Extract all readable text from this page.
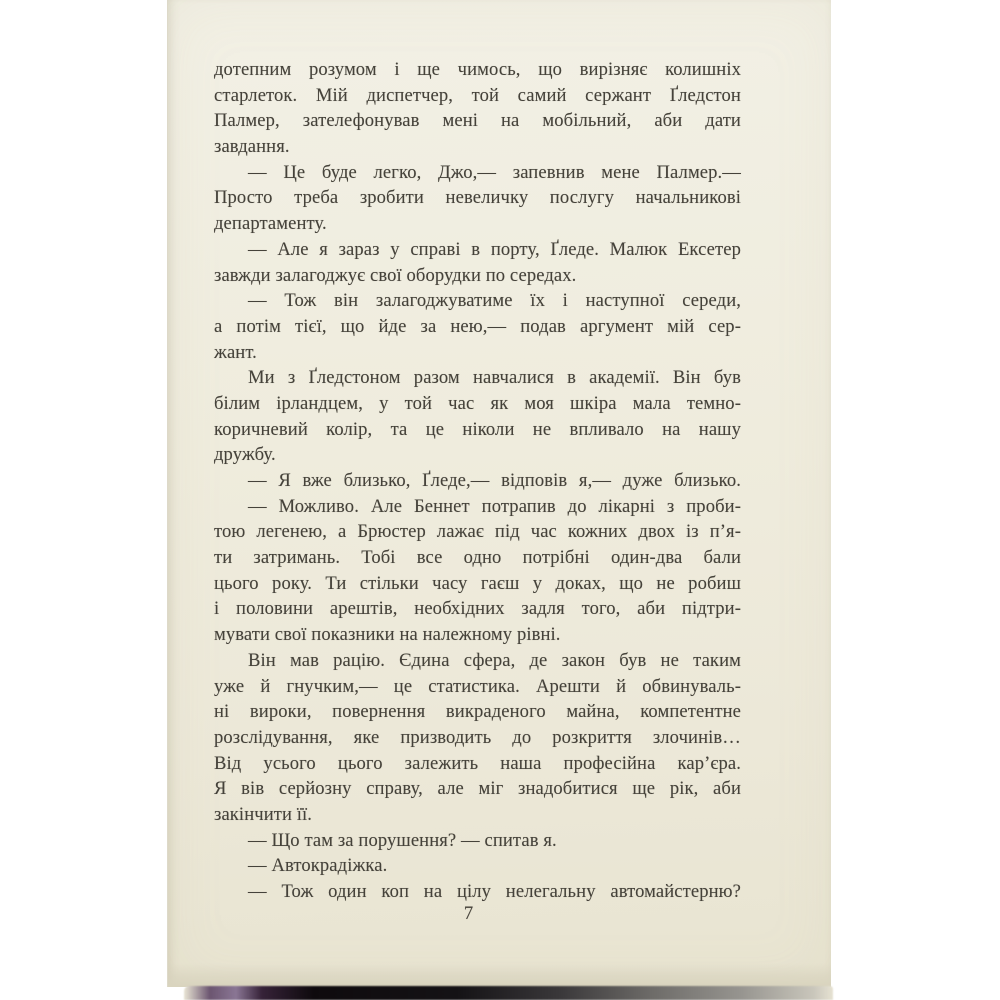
дотепним розумом і ще чимось, що вирізняє колишніх
старлеток. Мій диспетчер, той самий сержант Ґледстон
Палмер, зателефонував мені на мобільний, аби дати
завдання.
— Це буде легко, Джо,— запевнив мене Палмер.—
Просто треба зробити невеличку послугу начальникові
департаменту.
— Але я зараз у справі в порту, Ґледе. Малюк Ексетер
завжди залагоджує свої оборудки по середах.
— Тож він залагоджуватиме їх і наступної середи,
а потім тієї, що йде за нею,— подав аргумент мій сер-
жант.
Ми з Ґледстоном разом навчалися в академії. Він був
білим ірландцем, у той час як моя шкіра мала темно-
коричневий колір, та це ніколи не впливало на нашу
дружбу.
— Я вже близько, Ґледе,— відповів я,— дуже близько.
— Можливо. Але Беннет потрапив до лікарні з проби-
тою легенею, а Брюстер лажає під час кожних двох із п’я-
ти затримань. Тобі все одно потрібні один-два бали
цього року. Ти стільки часу гаєш у доках, що не робиш
і половини арештів, необхідних задля того, аби підтри-
мувати свої показники на належному рівні.
Він мав рацію. Єдина сфера, де закон був не таким
уже й гнучким,— це статистика. Арешти й обвинуваль-
ні вироки, повернення викраденого майна, компетентне
розслідування, яке призводить до розкриття злочинів…
Від усього цього залежить наша професійна кар’єра.
Я вів серйозну справу, але міг знадобитися ще рік, аби
закінчити її.
— Що там за порушення? — спитав я.
— Автокрадіжка.
— Тож один коп на цілу нелегальну автомайстерню?
7
